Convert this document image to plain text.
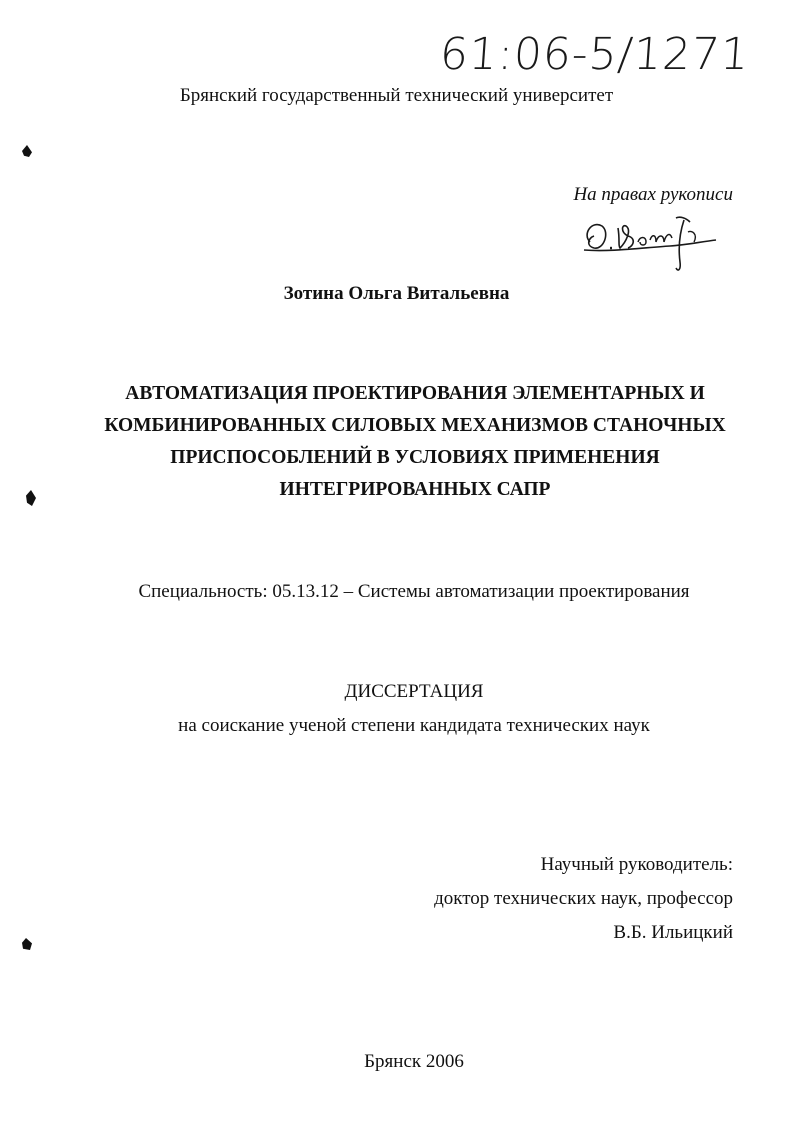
61:06-5/1271
Брянский государственный технический университет
На правах рукописи
Зотина Ольга Витальевна
АВТОМАТИЗАЦИЯ ПРОЕКТИРОВАНИЯ ЭЛЕМЕНТАРНЫХ И
КОМБИНИРОВАННЫХ СИЛОВЫХ МЕХАНИЗМОВ СТАНОЧНЫХ
ПРИСПОСОБЛЕНИЙ В УСЛОВИЯХ ПРИМЕНЕНИЯ
ИНТЕГРИРОВАННЫХ САПР
Специальность: 05.13.12 – Системы автоматизации проектирования
ДИССЕРТАЦИЯ
на соискание ученой степени кандидата технических наук
Научный руководитель:
доктор технических наук, профессор
В.Б. Ильицкий
Брянск 2006
